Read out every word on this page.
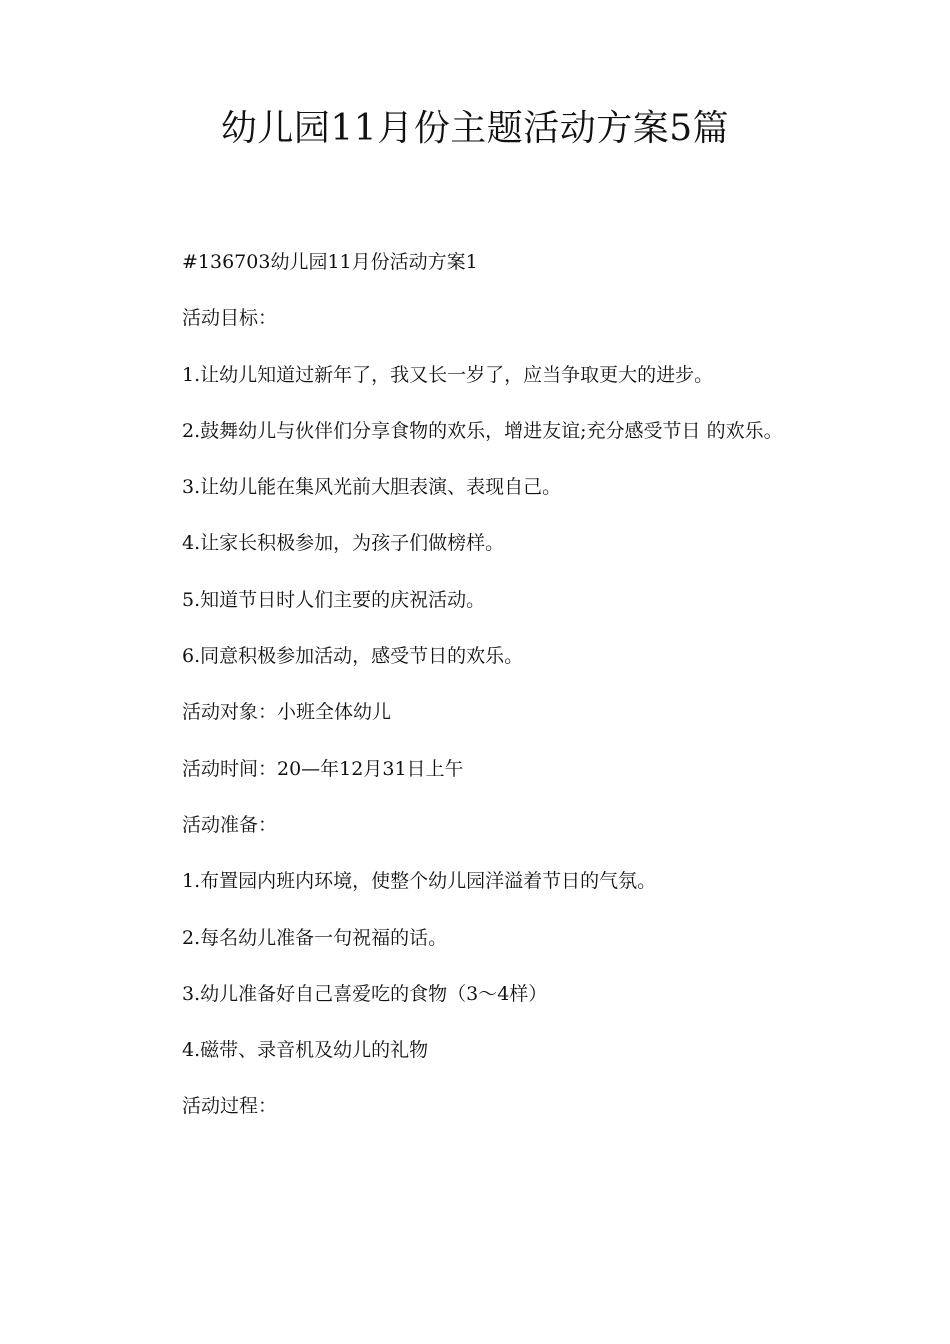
幼儿园11月份主题活动方案5篇

#136703幼儿园11月份活动方案1

活动目标：

1.让幼儿知道过新年了，我又长一岁了，应当争取更大的进步。

2.鼓舞幼儿与伙伴们分享食物的欢乐，增进友谊;充分感受节日 的欢乐。

3.让幼儿能在集风光前大胆表演、表现自己。

4.让家长积极参加，为孩子们做榜样。

5.知道节日时人们主要的庆祝活动。

6.同意积极参加活动，感受节日的欢乐。

活动对象：小班全体幼儿

活动时间：20—年12月31日上午

活动准备：

1.布置园内班内环境，使整个幼儿园洋溢着节日的气氛。

2.每名幼儿准备一句祝福的话。

3.幼儿准备好自己喜爱吃的食物（3〜4样）

4.磁带、录音机及幼儿的礼物

活动过程：
